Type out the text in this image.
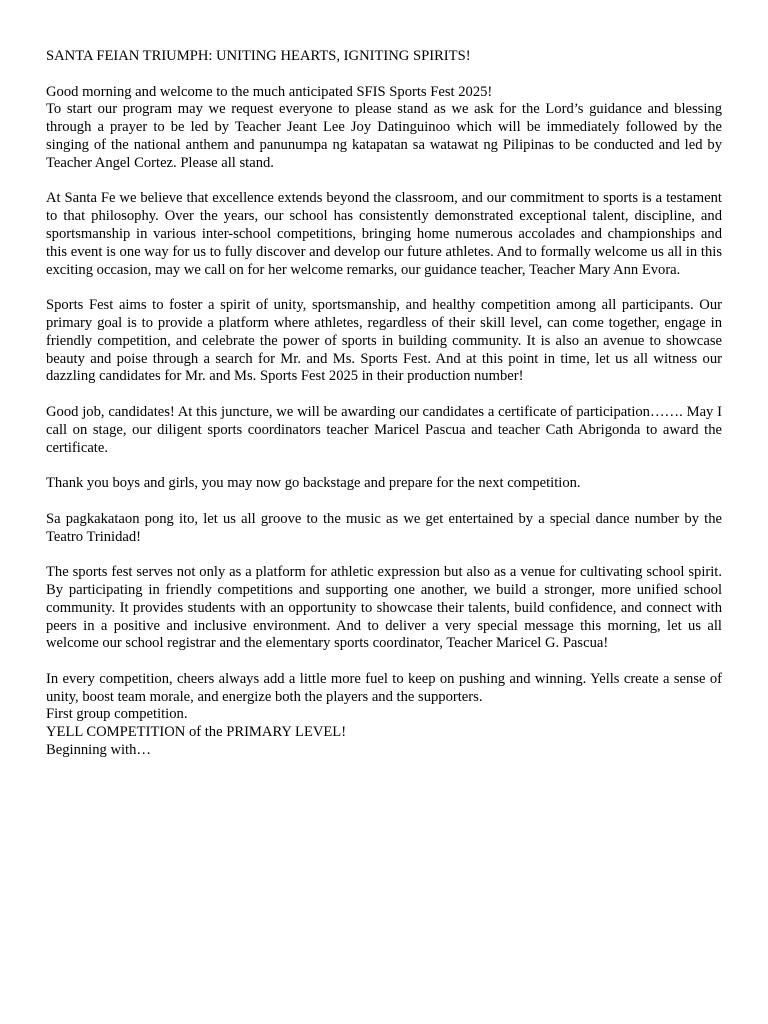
SANTA FEIAN TRIUMPH: UNITING HEARTS, IGNITING SPIRITS!

Good morning and welcome to the much anticipated SFIS Sports Fest 2025!

To start our program may we request everyone to please stand as we ask for the Lord’s guidance and blessing through a prayer to be led by Teacher Jeant Lee Joy Datinguinoo which will be immediately followed by the singing of the national anthem and panunumpa ng katapatan sa watawat ng Pilipinas to be conducted and led by Teacher Angel Cortez. Please all stand.

At Santa Fe we believe that excellence extends beyond the classroom, and our commitment to sports is a testament to that philosophy. Over the years, our school has consistently demonstrated exceptional talent, discipline, and sportsmanship in various inter-school competitions, bringing home numerous accolades and championships and this event is one way for us to fully discover and develop our future athletes. And to formally welcome us all in this exciting occasion, may we call on for her welcome remarks, our guidance teacher, Teacher Mary Ann Evora.

Sports Fest aims to foster a spirit of unity, sportsmanship, and healthy competition among all participants. Our primary goal is to provide a platform where athletes, regardless of their skill level, can come together, engage in friendly competition, and celebrate the power of sports in building community. It is also an avenue to showcase beauty and poise through a search for Mr. and Ms. Sports Fest. And at this point in time, let us all witness our dazzling candidates for Mr. and Ms. Sports Fest 2025 in their production number!

Good job, candidates! At this juncture, we will be awarding our candidates a certificate of participation……. May I call on stage, our diligent sports coordinators teacher Maricel Pascua and teacher Cath Abrigonda to award the certificate.

Thank you boys and girls, you may now go backstage and prepare for the next competition.

Sa pagkakataon pong ito, let us all groove to the music as we get entertained by a special dance number by the Teatro Trinidad!

The sports fest serves not only as a platform for athletic expression but also as a venue for cultivating school spirit. By participating in friendly competitions and supporting one another, we build a stronger, more unified school community. It provides students with an opportunity to showcase their talents, build confidence, and connect with peers in a positive and inclusive environment. And to deliver a very special message this morning, let us all welcome our school registrar and the elementary sports coordinator, Teacher Maricel G. Pascua!

In every competition, cheers always add a little more fuel to keep on pushing and winning. Yells create a sense of unity, boost team morale, and energize both the players and the supporters.

First group competition.

YELL COMPETITION of the PRIMARY LEVEL!

Beginning with…
